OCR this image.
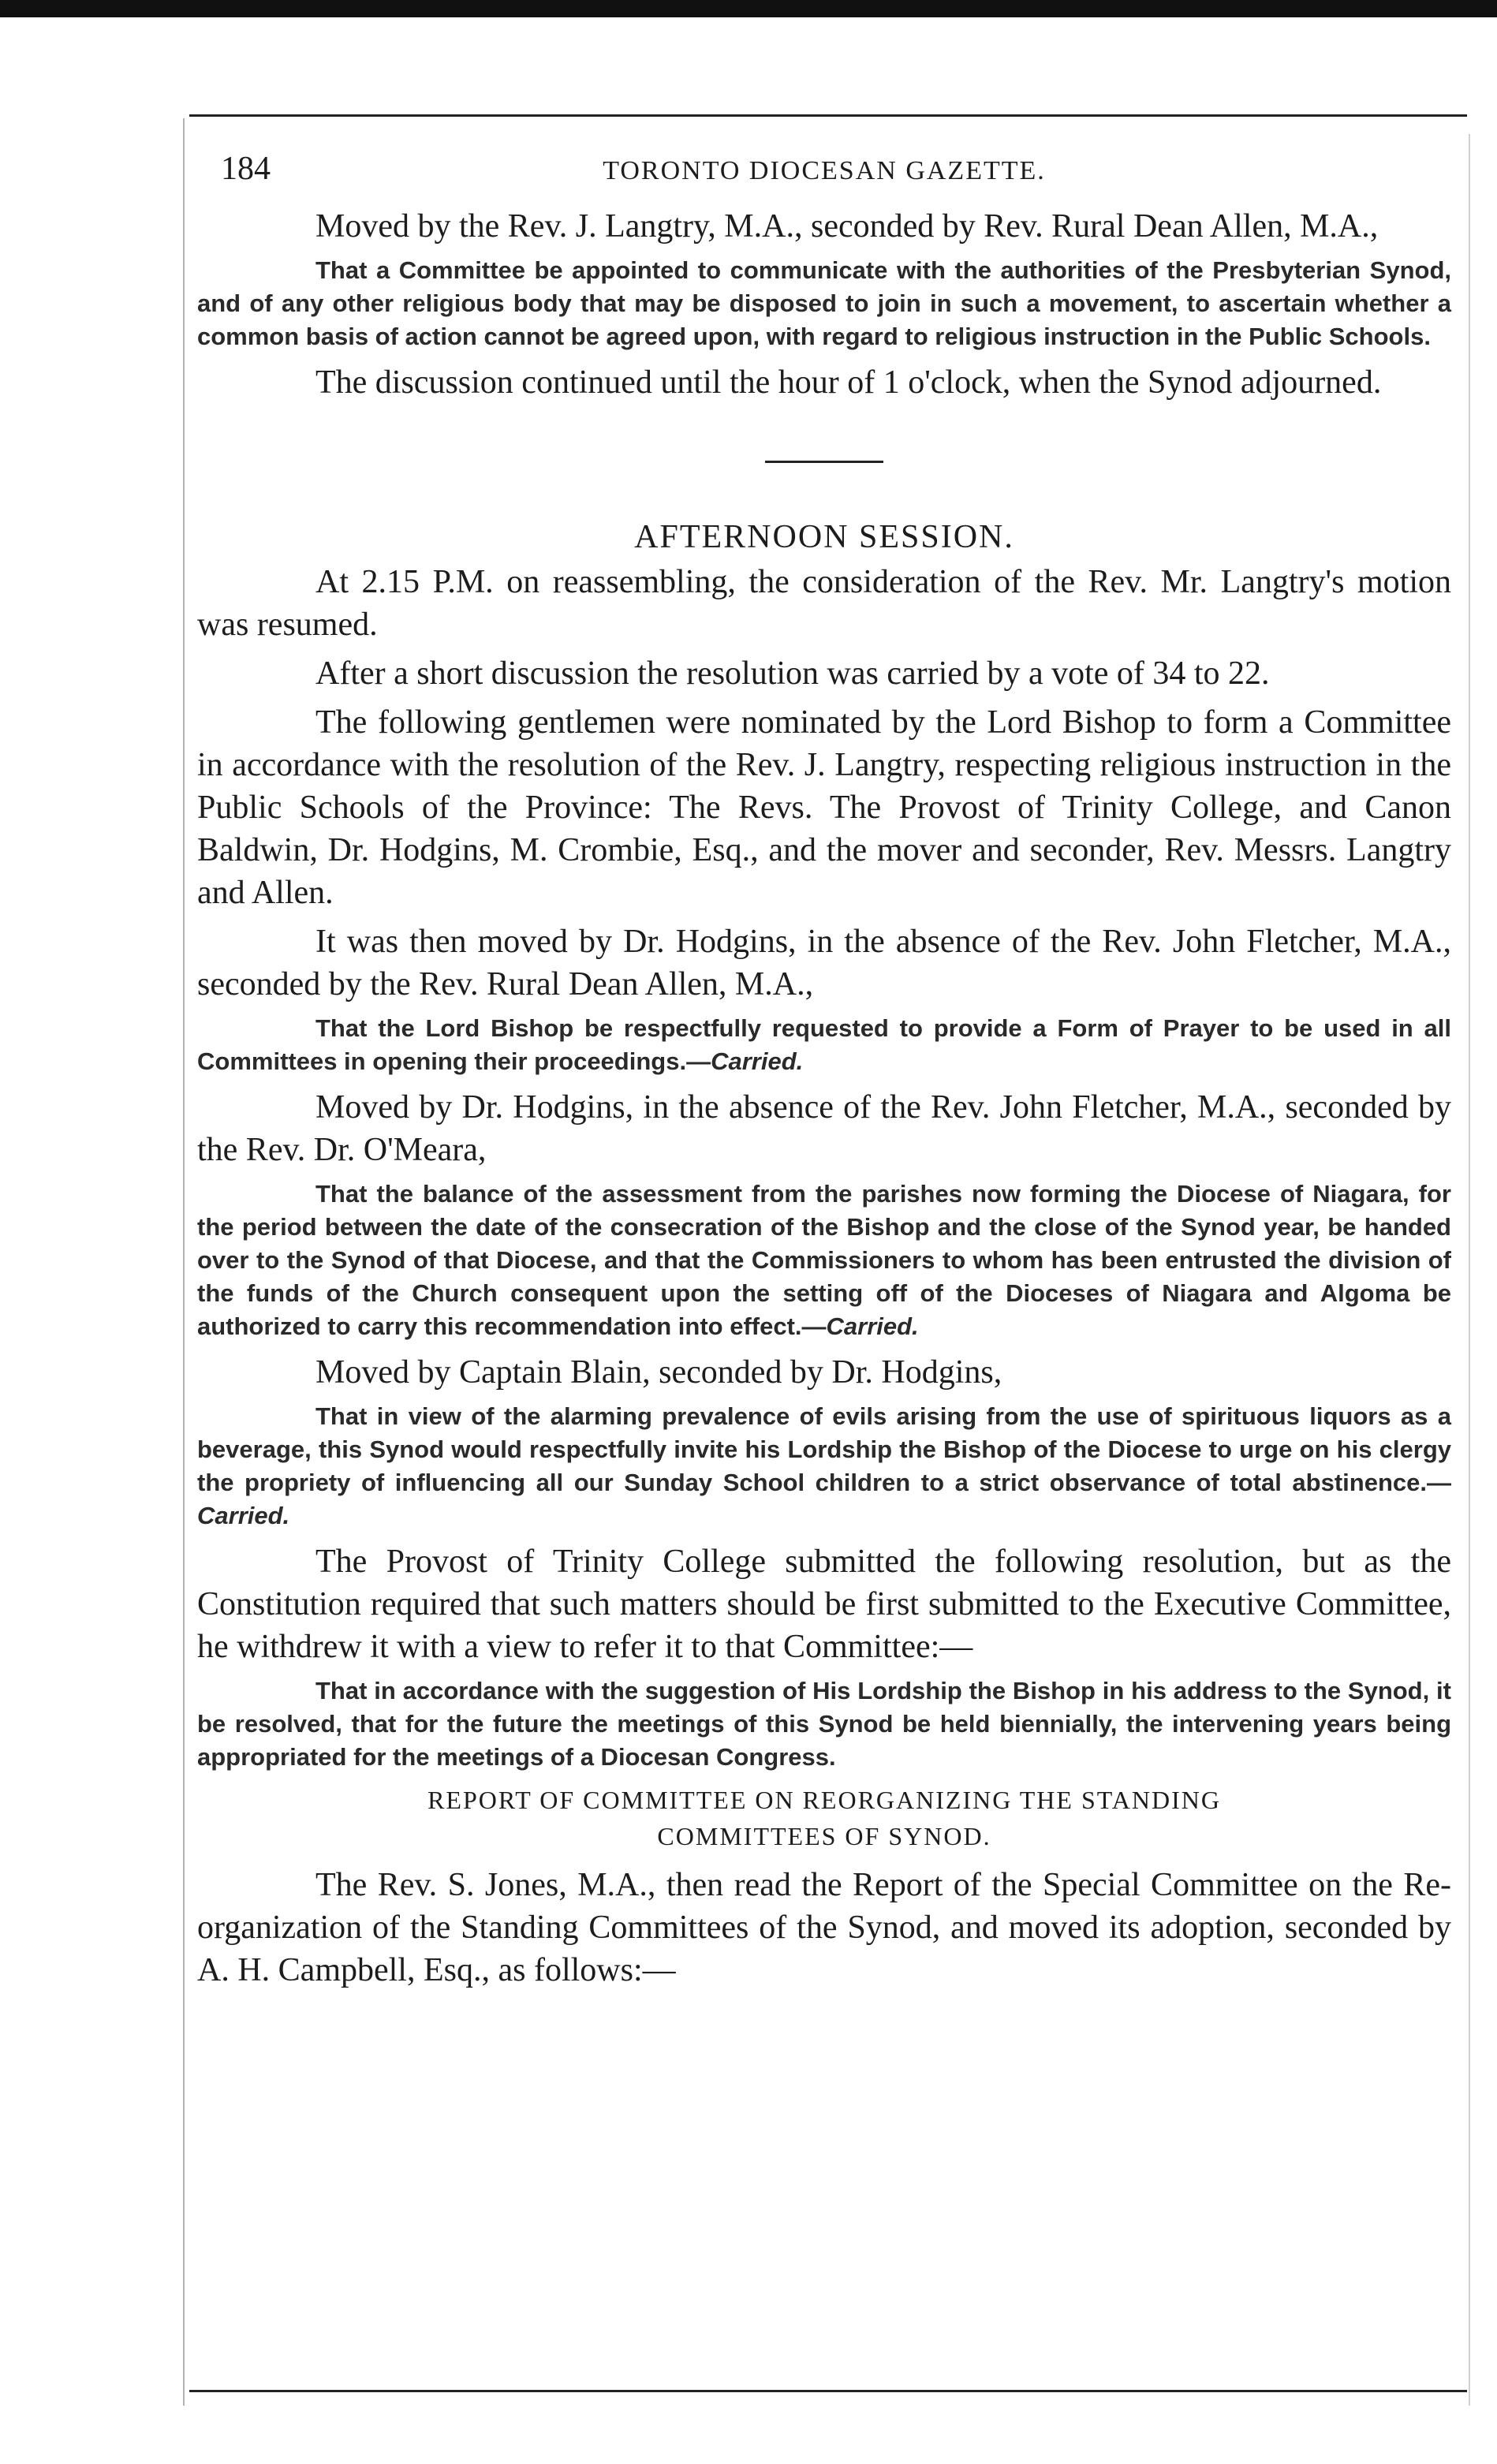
184	TORONTO DIOCESAN GAZETTE.

Moved by the Rev. J. Langtry, M.A., seconded by Rev. Rural Dean Allen, M.A.,

That a Committee be appointed to communicate with the authorities of the Presbyterian Synod, and of any other religious body that may be disposed to join in such a movement, to ascertain whether a common basis of action cannot be agreed upon, with regard to religious instruction in the Public Schools.

The discussion continued until the hour of 1 o'clock, when the Synod adjourned.

AFTERNOON SESSION.

At 2.15 P.M. on reassembling, the consideration of the Rev. Mr. Langtry's motion was resumed.

After a short discussion the resolution was carried by a vote of 34 to 22.

The following gentlemen were nominated by the Lord Bishop to form a Committee in accordance with the resolution of the Rev. J. Langtry, respecting religious instruction in the Public Schools of the Province: The Revs. The Provost of Trinity College, and Canon Baldwin, Dr. Hodgins, M. Crombie, Esq., and the mover and seconder, Rev. Messrs. Langtry and Allen.

It was then moved by Dr. Hodgins, in the absence of the Rev. John Fletcher, M.A., seconded by the Rev. Rural Dean Allen, M.A.,

That the Lord Bishop be respectfully requested to provide a Form of Prayer to be used in all Committees in opening their proceedings.—Carried.

Moved by Dr. Hodgins, in the absence of the Rev. John Fletcher, M.A., seconded by the Rev. Dr. O'Meara,

That the balance of the assessment from the parishes now forming the Diocese of Niagara, for the period between the date of the consecration of the Bishop and the close of the Synod year, be handed over to the Synod of that Diocese, and that the Commissioners to whom has been entrusted the division of the funds of the Church consequent upon the setting off of the Dioceses of Niagara and Algoma be authorized to carry this recommendation into effect.—Carried.

Moved by Captain Blain, seconded by Dr. Hodgins,

That in view of the alarming prevalence of evils arising from the use of spirituous liquors as a beverage, this Synod would respectfully invite his Lordship the Bishop of the Diocese to urge on his clergy the propriety of influencing all our Sunday School children to a strict observance of total abstinence.—Carried.

The Provost of Trinity College submitted the following resolution, but as the Constitution required that such matters should be first submitted to the Executive Committee, he withdrew it with a view to refer it to that Committee:—

That in accordance with the suggestion of His Lordship the Bishop in his address to the Synod, it be resolved, that for the future the meetings of this Synod be held biennially, the intervening years being appropriated for the meetings of a Diocesan Congress.

REPORT OF COMMITTEE ON REORGANIZING THE STANDING
COMMITTEES OF SYNOD.

The Rev. S. Jones, M.A., then read the Report of the Special Committee on the Re-organization of the Standing Committees of the Synod, and moved its adoption, seconded by A. H. Campbell, Esq., as follows:—
